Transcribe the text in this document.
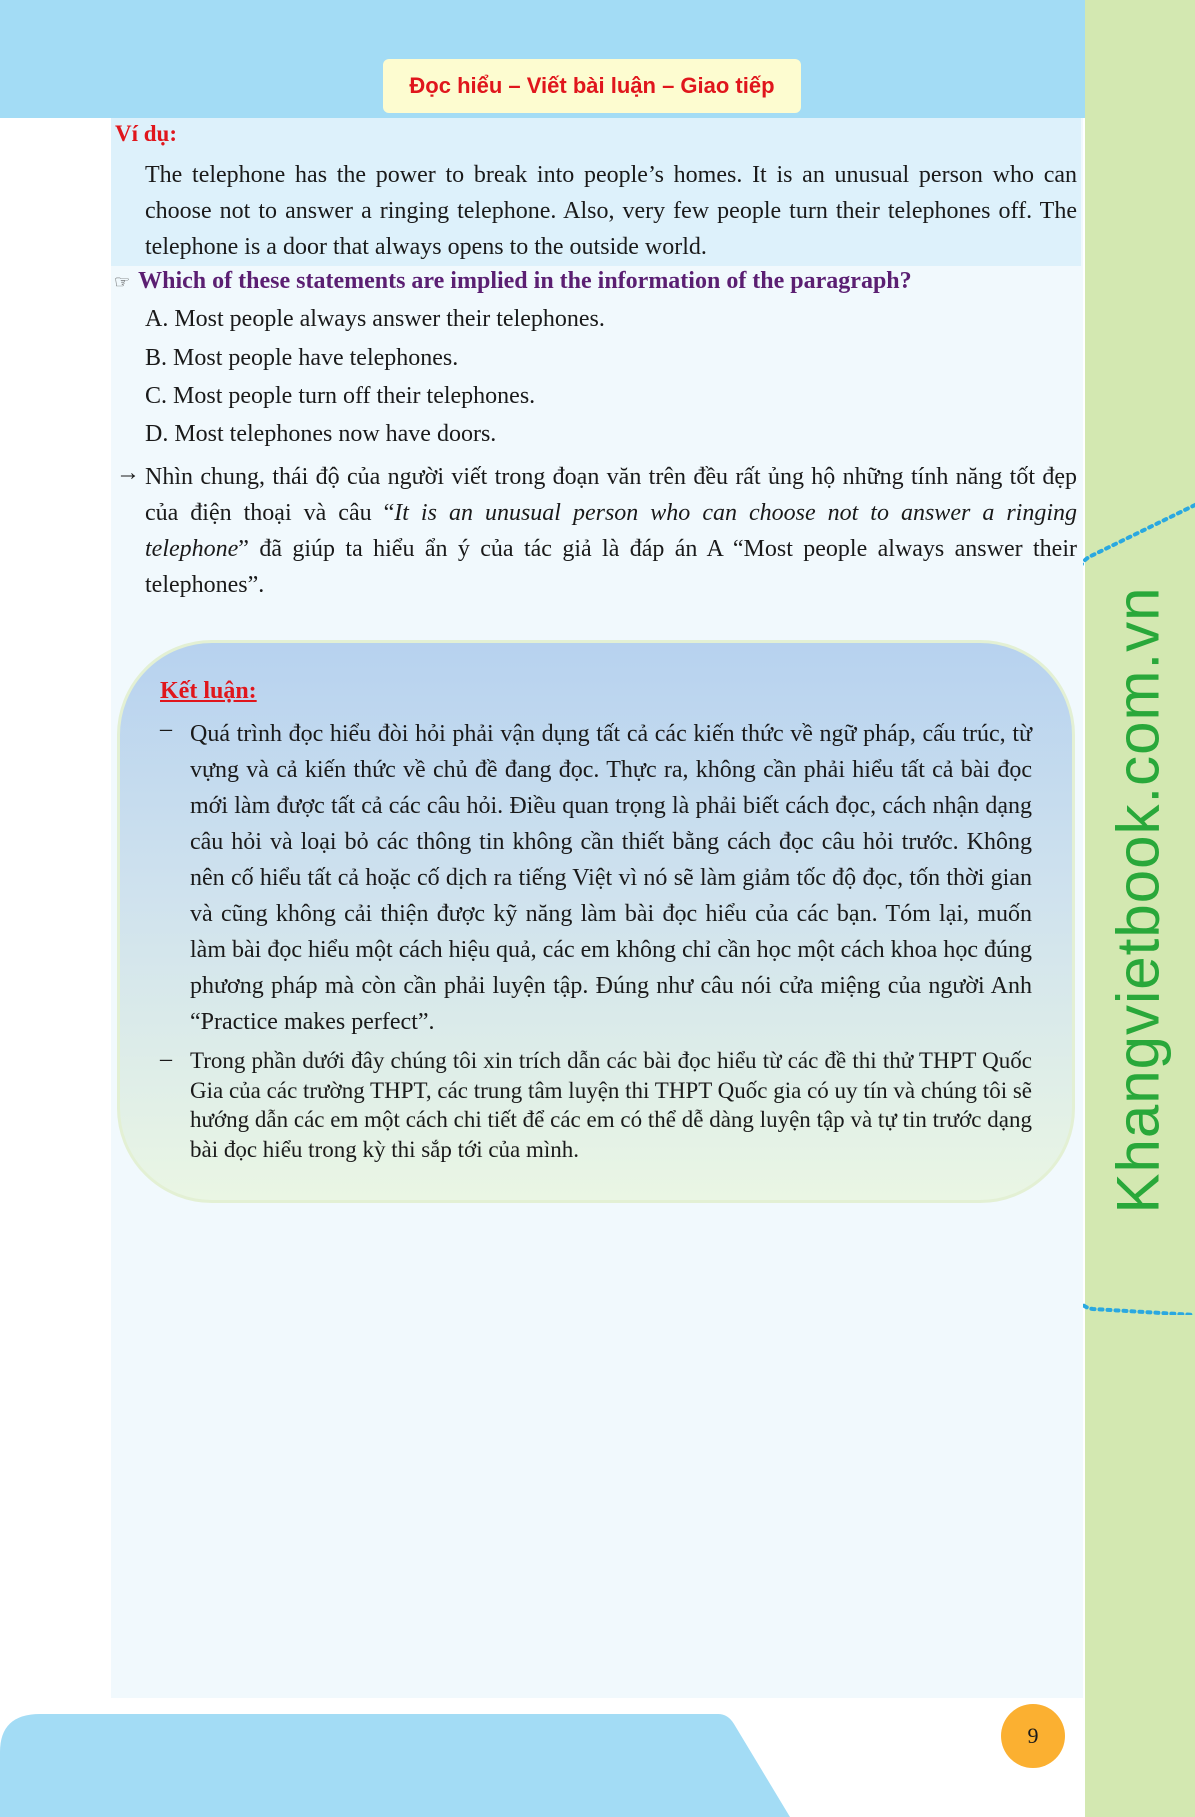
Đọc hiểu – Viết bài luận – Giao tiếp
Khangvietbook.com.vn
Ví dụ:
The telephone has the power to break into people’s homes. It is an unusual person who can choose not to answer a ringing telephone. Also, very few people turn their telephones off. The telephone is a door that always opens to the outside world.
☞ Which of these statements are implied in the information of the paragraph?
A. Most people always answer their telephones.
B. Most people have telephones.
C. Most people turn off their telephones.
D. Most telephones now have doors.
→ Nhìn chung, thái độ của người viết trong đoạn văn trên đều rất ủng hộ những tính năng tốt đẹp của điện thoại và câu “It is an unusual person who can choose not to answer a ringing telephone” đã giúp ta hiểu ẩn ý của tác giả là đáp án A “Most people always answer their telephones”.
Kết luận:
– Quá trình đọc hiểu đòi hỏi phải vận dụng tất cả các kiến thức về ngữ pháp, cấu trúc, từ vựng và cả kiến thức về chủ đề đang đọc. Thực ra, không cần phải hiểu tất cả bài đọc mới làm được tất cả các câu hỏi. Điều quan trọng là phải biết cách đọc, cách nhận dạng câu hỏi và loại bỏ các thông tin không cần thiết bằng cách đọc câu hỏi trước. Không nên cố hiểu tất cả hoặc cố dịch ra tiếng Việt vì nó sẽ làm giảm tốc độ đọc, tốn thời gian và cũng không cải thiện được kỹ năng làm bài đọc hiểu của các bạn. Tóm lại, muốn làm bài đọc hiểu một cách hiệu quả, các em không chỉ cần học một cách khoa học đúng phương pháp mà còn cần phải luyện tập. Đúng như câu nói cửa miệng của người Anh “Practice makes perfect”.
– Trong phần dưới đây chúng tôi xin trích dẫn các bài đọc hiểu từ các đề thi thử THPT Quốc Gia của các trường THPT, các trung tâm luyện thi THPT Quốc gia có uy tín và chúng tôi sẽ hướng dẫn các em một cách chi tiết để các em có thể dễ dàng luyện tập và tự tin trước dạng bài đọc hiểu trong kỳ thi sắp tới của mình.
9
